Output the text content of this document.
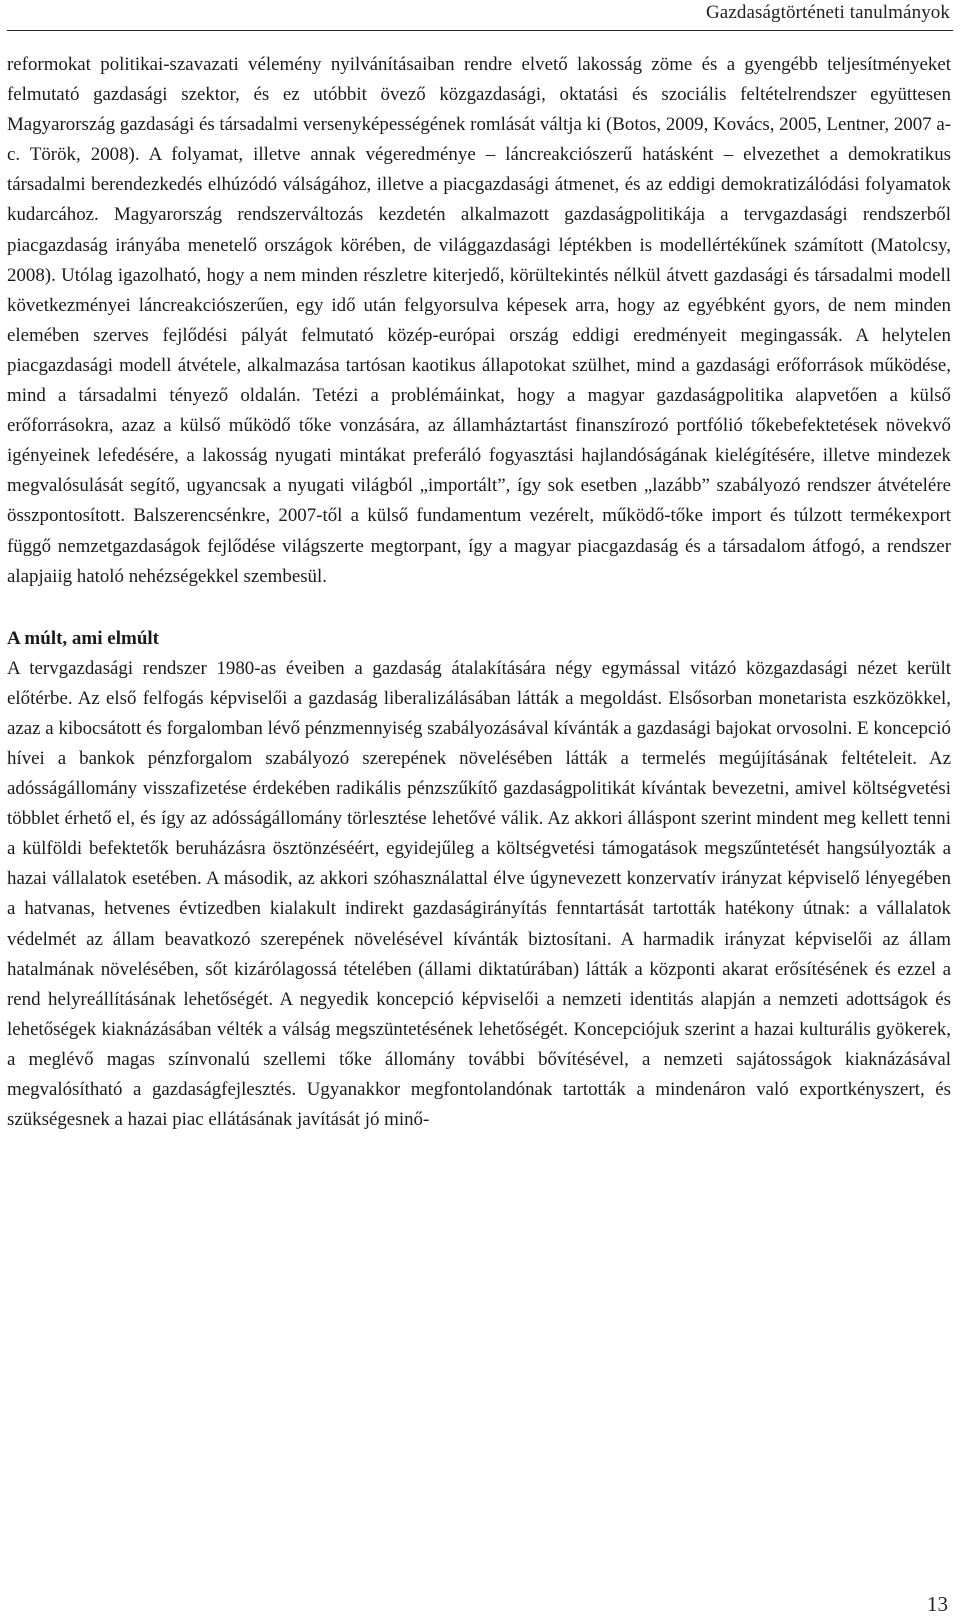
Gazdaságtörténeti tanulmányok

reformokat politikai-szavazati vélemény nyilvánításaiban rendre elvető lakosság zöme és a gyengébb teljesítményeket felmutató gazdasági szektor, és ez utóbbit övező közgazdasági, oktatási és szociális feltételrendszer együttesen Magyarország gazdasági és társadalmi versenyképességének romlását váltja ki (Botos, 2009, Kovács, 2005, Lentner, 2007 a-c. Török, 2008). A folyamat, illetve annak végeredménye – láncreakciószerű hatásként – elvezethet a demokratikus társadalmi berendezkedés elhúzódó válságához, illetve a piacgazdasági átmenet, és az eddigi demokratizálódási folyamatok kudarcához. Magyarország rendszerváltozás kezdetén alkalmazott gazdaságpolitikája a tervgazdasági rendszerből piacgazdaság irányába menetelő országok körében, de világgazdasági léptékben is modellértékűnek számított (Matolcsy, 2008). Utólag igazolható, hogy a nem minden részletre kiterjedő, körültekintés nélkül átvett gazdasági és társadalmi modell következményei láncreakciószerűen, egy idő után felgyorsulva képesek arra, hogy az egyébként gyors, de nem minden elemében szerves fejlődési pályát felmutató közép-európai ország eddigi eredményeit megingassák. A helytelen piacgazdasági modell átvétele, alkalmazása tartósan kaotikus állapotokat szülhet, mind a gazdasági erőforrások működése, mind a társadalmi tényező oldalán. Tetézi a problémáinkat, hogy a magyar gazdaságpolitika alapvetően a külső erőforrásokra, azaz a külső működő tőke vonzására, az államháztartást finanszírozó portfólió tőkebefektetések növekvő igényeinek lefedésére, a lakosság nyugati mintákat preferáló fogyasztási hajlandóságának kielégítésére, illetve mindezek megvalósulását segítő, ugyancsak a nyugati világból „importált”, így sok esetben „lazább” szabályozó rendszer átvételére összpontosított. Balszerencsénkre, 2007-től a külső fundamentum vezérelt, működő-tőke import és túlzott termékexport függő nemzetgazdaságok fejlődése világszerte megtorpant, így a magyar piacgazdaság és a társadalom átfogó, a rendszer alapjaiig hatoló nehézségekkel szembesül.

A múlt, ami elmúlt

A tervgazdasági rendszer 1980-as éveiben a gazdaság átalakítására négy egymással vitázó közgazdasági nézet került előtérbe. Az első felfogás képviselői a gazdaság liberalizálásában látták a megoldást. Elsősorban monetarista eszközökkel, azaz a kibocsátott és forgalomban lévő pénzmennyiség szabályozásával kívánták a gazdasági bajokat orvosolni. E koncepció hívei a bankok pénzforgalom szabályozó szerepének növelésében látták a termelés megújításának feltételeit. Az adósságállomány visszafizetése érdekében radikális pénzszűkítő gazdaságpolitikát kívántak bevezetni, amivel költségvetési többlet érhető el, és így az adósságállomány törlesztése lehetővé válik. Az akkori álláspont szerint mindent meg kellett tenni a külföldi befektetők beruházásra ösztönzéséért, egyidejűleg a költségvetési támogatások megszűntetését hangsúlyozták a hazai vállalatok esetében. A második, az akkori szóhasználattal élve úgynevezett konzervatív irányzat képviselő lényegében a hatvanas, hetvenes évtizedben kialakult indirekt gazdaságirányítás fenntartását tartották hatékony útnak: a vállalatok védelmét az állam beavatkozó szerepének növelésével kívánták biztosítani. A harmadik irányzat képviselői az állam hatalmának növelésében, sőt kizárólagossá tételében (állami diktatúrában) látták a központi akarat erősítésének és ezzel a rend helyreállításának lehetőségét. A negyedik koncepció képviselői a nemzeti identitás alapján a nemzeti adottságok és lehetőségek kiaknázásában vélték a válság megszüntetésének lehetőségét. Koncepciójuk szerint a hazai kulturális gyökerek, a meglévő magas színvonalú szellemi tőke állomány további bővítésével, a nemzeti sajátosságok kiaknázásával megvalósítható a gazdaságfejlesztés. Ugyanakkor megfontolandónak tartották a mindenáron való exportkényszert, és szükségesnek a hazai piac ellátásának javítását jó minő-

13
